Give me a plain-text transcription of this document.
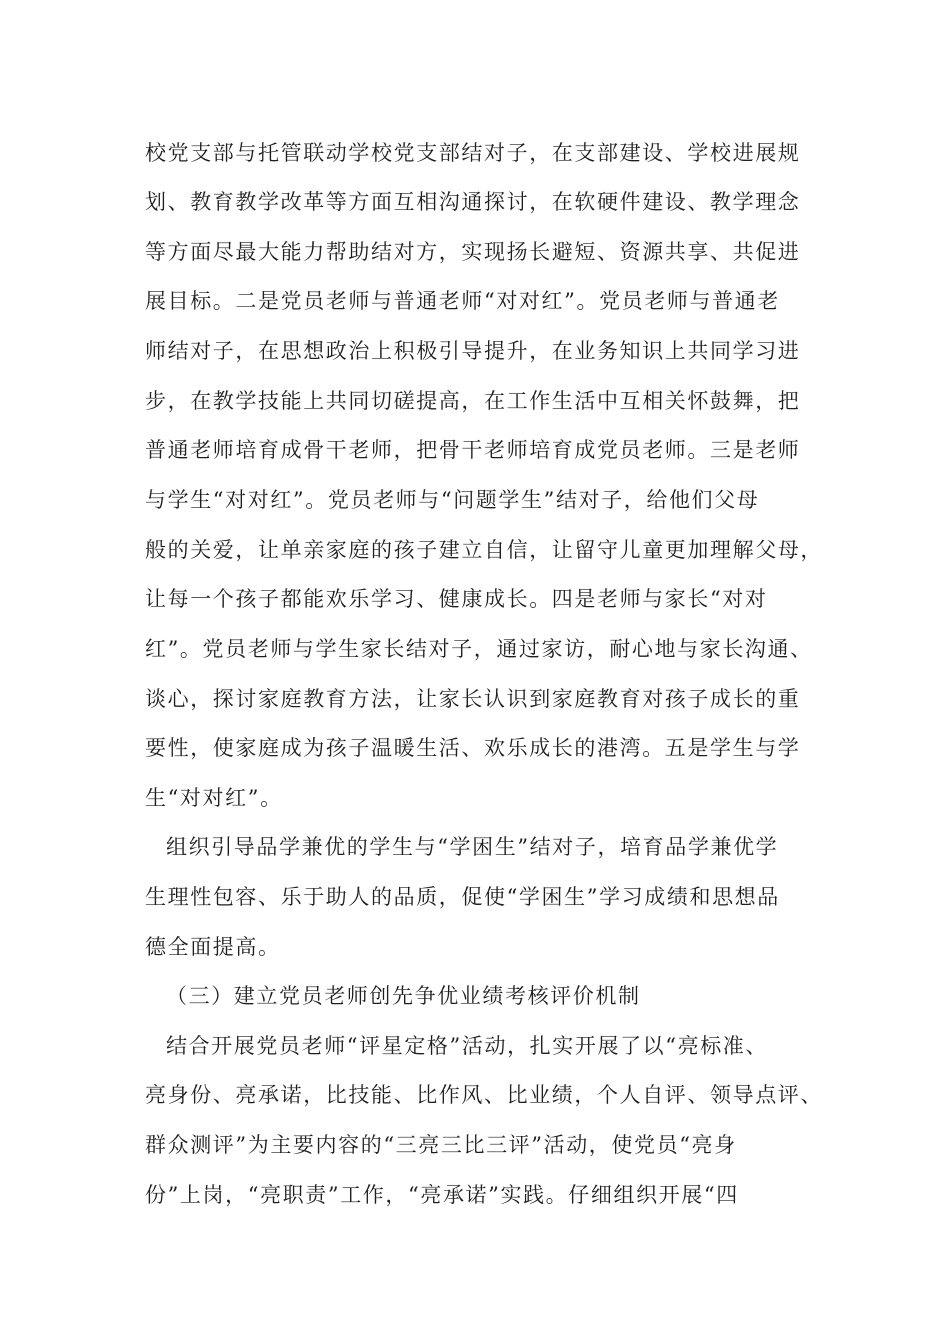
校党支部与托管联动学校党支部结对子，在支部建设、学校进展规
划、教育教学改革等方面互相沟通探讨，在软硬件建设、教学理念
等方面尽最大能力帮助结对方，实现扬长避短、资源共享、共促进
展目标。二是党员老师与普通老师“对对红”。党员老师与普通老
师结对子，在思想政治上积极引导提升，在业务知识上共同学习进
步，在教学技能上共同切磋提高，在工作生活中互相关怀鼓舞，把
普通老师培育成骨干老师，把骨干老师培育成党员老师。三是老师
与学生“对对红”。党员老师与“问题学生”结对子，给他们父母
般的关爱，让单亲家庭的孩子建立自信，让留守儿童更加理解父母，
让每一个孩子都能欢乐学习、健康成长。四是老师与家长“对对
红”。党员老师与学生家长结对子，通过家访，耐心地与家长沟通、
谈心，探讨家庭教育方法，让家长认识到家庭教育对孩子成长的重
要性，使家庭成为孩子温暖生活、欢乐成长的港湾。五是学生与学
生“对对红”。
组织引导品学兼优的学生与“学困生”结对子，培育品学兼优学
生理性包容、乐于助人的品质，促使“学困生”学习成绩和思想品
德全面提高。
（三）建立党员老师创先争优业绩考核评价机制
结合开展党员老师“评星定格”活动，扎实开展了以“亮标准、
亮身份、亮承诺，比技能、比作风、比业绩，个人自评、领导点评、
群众测评”为主要内容的“三亮三比三评”活动，使党员“亮身
份”上岗，“亮职责”工作，“亮承诺”实践。仔细组织开展“四
